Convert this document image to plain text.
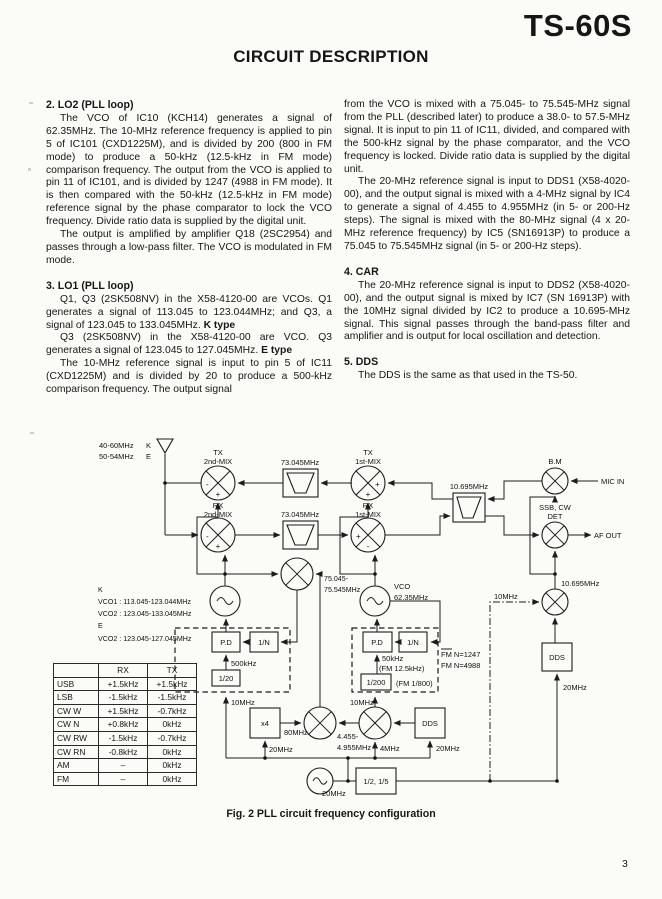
TS-60S
CIRCUIT DESCRIPTION
2. LO2 (PLL loop)

The VCO of IC10 (KCH14) generates a signal of 62.35MHz. The 10-MHz reference frequency is applied to pin 5 of IC101 (CXD1225M), and is divided by 200 (800 in FM mode) to produce a 50-kHz (12.5-kHz in FM mode) comparison frequency. The output from the VCO is applied to pin 11 of IC101, and is divided by 1247 (4988 in FM mode). It is then compared with the 50-kHz (12.5-kHz in FM mode) reference signal by the phase comparator to lock the VCO frequency. Divide ratio data is supplied by the digital unit.

The output is amplified by amplifier Q18 (2SC2954) and passes through a low-pass filter. The VCO is modulated in FM mode.

3. LO1 (PLL loop)

Q1, Q3 (2SK508NV) in the X58-4120-00 are VCOs. Q1 generates a signal of 113.045 to 123.044MHz; and Q3, a signal of 123.045 to 133.045MHz. K type

Q3 (2SK508NV) in the X58-4120-00 are VCO. Q3 generates a signal of 123.045 to 127.045MHz. E type

The 10-MHz reference signal is input to pin 5 of IC11 (CXD1225M) and is divided by 20 to produce a 500-kHz comparison frequency. The output signal

from the VCO is mixed with a 75.045- to 75.545-MHz signal from the PLL (described later) to produce a 38.0- to 57.5-MHz signal. It is input to pin 11 of IC11, divided, and compared with the 500-kHz signal by the phase comparator, and the VCO frequency is locked. Divide ratio data is supplied by the digital unit.

The 20-MHz reference signal is input to DDS1 (X58-4020-00), and the output signal is mixed with a 4-MHz signal by IC4 to generate a signal of 4.455 to 4.955MHz (in 5- or 200-Hz steps). The signal is mixed with the 80-MHz signal (4 x 20-MHz reference frequency) by IC5 (SN16913P) to produce a 75.045 to 75.545MHz signal (in 5- or 200-Hz steps).

4. CAR

The 20-MHz reference signal is input to DDS2 (X58-4020-00), and the output signal is mixed by IC7 (SN 16913P) with the 10MHz signal divided by IC2 to produce a 10.695-MHz signal. This signal passes through the band-pass filter and amplifier and is output for local oscillation and detection.

5. DDS

The DDS is the same as that used in the TS-50.

	RX	TX
USB	+1.5kHz	+1.5kHz
LSB	-1.5kHz	-1.5kHz
CW W	+1.5kHz	-0.7kHz
CW N	+0.8kHz	0kHz
CW RW	-1.5kHz	-0.7kHz
CW RN	-0.8kHz	0kHz
AM	–	0kHz
FM	–	0kHz
40-60MHz K
50-54MHz E	TX
2nd-MIX
RX
2nd-MIX
TX
1st-MIX
RX
1st-MIX
73.045MHz
73.045MHz
10.695MHz
B.M
MIC IN
SSB, CW
DET
AF OUT
10.695MHz
10MHz
VCO
62.35MHz
K
VCO1 : 113.045-123.044MHz
VCO2 : 123.045-133.045MHz
E
VCO2 : 123.045-127.045MHz
75.045-
75.545MHz
P.D	1/N
500kHz
1/20
10MHz
P.D	1/N
50kHz
(FM 12.5kHz)
1/200 (FM 1/800)
FM N=1247
FM N=4988
10MHz
x4
80MHz
20MHz
4.455-
4.955MHz 4MHz
DDS
20MHz
DDS
20MHz
20MHz
1/2, 1/5
-
+
-
+
+
+
+
-
Fig. 2 PLL circuit frequency configuration
3
